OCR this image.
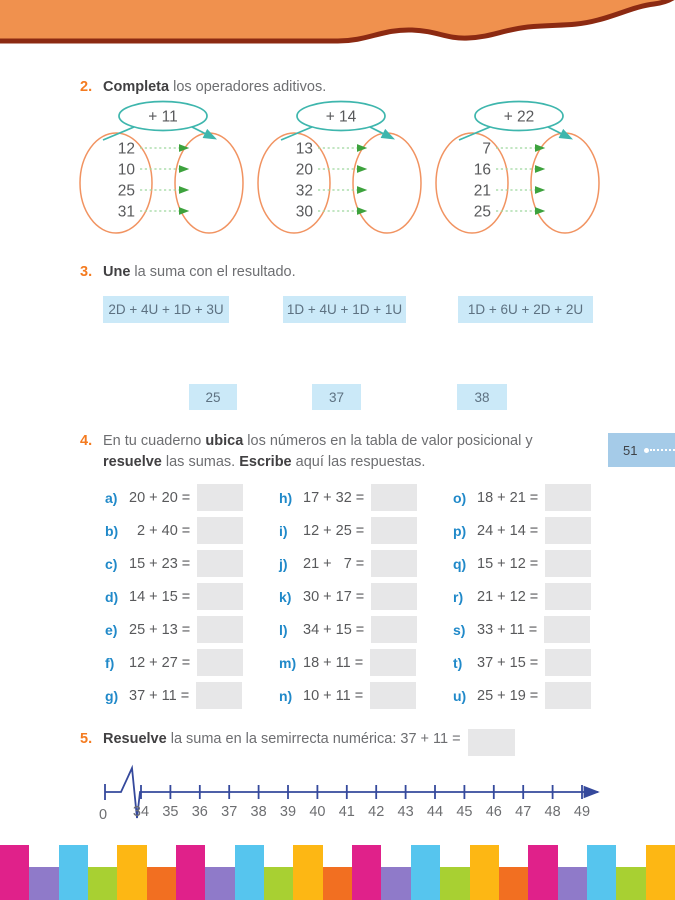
2. Completa los operadores aditivos.
+ 11
12
10
25
31
+ 14
13
20
32
30
+ 22
7
16
21
25
3. Une la suma con el resultado.
2D + 4U + 1D + 3U	1D + 4U + 1D + 1U	1D + 6U + 2D + 2U
25	37	38
4. En tu cuaderno ubica los números en la tabla de valor posicional y resuelve las sumas. Escribe aquí las respuestas.
51
a) 20 + 20 =
b) 2 + 40 =
c) 15 + 23 =
d) 14 + 15 =
e) 25 + 13 =
f)	12 + 27 =
g) 37 + 11 =
h) 17 + 32 =
i)	12 + 25 =
j)	21 +   7 =
k) 30 + 17 =
l)	34 + 15 =
m) 18 + 11 =
n) 10 + 11 =
o) 18 + 21 =
p) 24 + 14 =
q) 15 + 12 =
r) 21 + 12 =
s) 33 + 11 =
t)	37 + 15 =
u) 25 + 19 =
5. Resuelve la suma en la semirrecta numérica: 37 + 11 =
0 34 35 36 37 38 39 40 41 42 43 44 45 46 47 48 49
